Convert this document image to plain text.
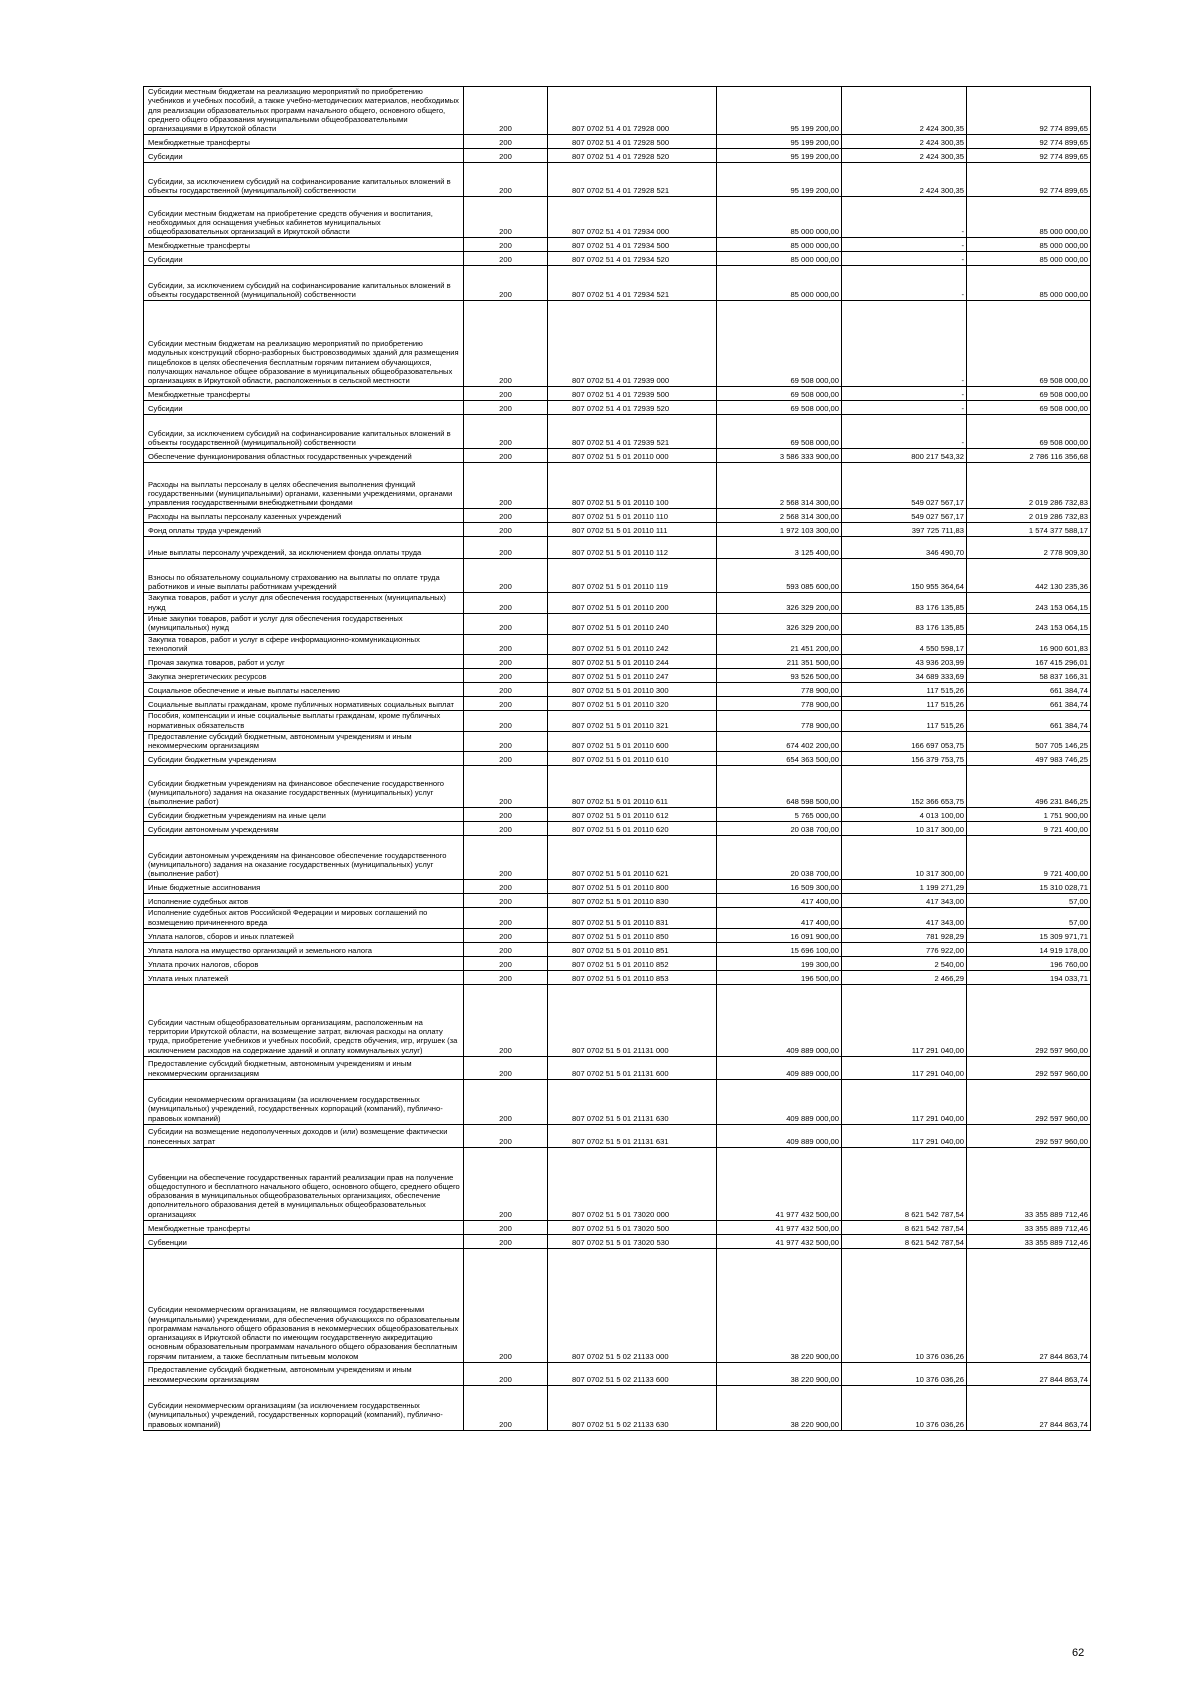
Субсидии местным бюджетам на реализацию мероприятий по приобретению учебников и учебных пособий, а также учебно-методических материалов, необходимых для реализации образовательных программ начального общего, основного общего, среднего общего образования муниципальными общеобразовательными организациями в Иркутской области	200	807 0702 51 4 01 72928 000	95 199 200,00	2 424 300,35	92 774 899,65
Межбюджетные трансферты	200	807 0702 51 4 01 72928 500	95 199 200,00	2 424 300,35	92 774 899,65
Субсидии	200	807 0702 51 4 01 72928 520	95 199 200,00	2 424 300,35	92 774 899,65
Субсидии, за исключением субсидий на софинансирование капитальных вложений в объекты государственной (муниципальной) собственности	200	807 0702 51 4 01 72928 521	95 199 200,00	2 424 300,35	92 774 899,65
Субсидии местным бюджетам на приобретение средств обучения и воспитания, необходимых для оснащения учебных кабинетов муниципальных общеобразовательных организаций в Иркутской области	200	807 0702 51 4 01 72934 000	85 000 000,00	-	85 000 000,00
Межбюджетные трансферты	200	807 0702 51 4 01 72934 500	85 000 000,00	-	85 000 000,00
Субсидии	200	807 0702 51 4 01 72934 520	85 000 000,00	-	85 000 000,00
Субсидии, за исключением субсидий на софинансирование капитальных вложений в объекты государственной (муниципальной) собственности	200	807 0702 51 4 01 72934 521	85 000 000,00	-	85 000 000,00
Субсидии местным бюджетам на реализацию мероприятий по приобретению модульных конструкций сборно-разборных быстровозводимых зданий для размещения пищеблоков в целях обеспечения бесплатным горячим питанием обучающихся, получающих начальное общее образование в муниципальных общеобразовательных организациях в Иркутской области, расположенных в сельской местности	200	807 0702 51 4 01 72939 000	69 508 000,00	-	69 508 000,00
Межбюджетные трансферты	200	807 0702 51 4 01 72939 500	69 508 000,00	-	69 508 000,00
Субсидии	200	807 0702 51 4 01 72939 520	69 508 000,00	-	69 508 000,00
Субсидии, за исключением субсидий на софинансирование капитальных вложений в объекты государственной (муниципальной) собственности	200	807 0702 51 4 01 72939 521	69 508 000,00	-	69 508 000,00
Обеспечение функционирования областных государственных учреждений	200	807 0702 51 5 01 20110 000	3 586 333 900,00	800 217 543,32	2 786 116 356,68
Расходы на выплаты персоналу в целях обеспечения выполнения функций государственными (муниципальными) органами, казенными учреждениями, органами управления государственными внебюджетными фондами	200	807 0702 51 5 01 20110 100	2 568 314 300,00	549 027 567,17	2 019 286 732,83
Расходы на выплаты персоналу казенных учреждений	200	807 0702 51 5 01 20110 110	2 568 314 300,00	549 027 567,17	2 019 286 732,83
Фонд оплаты труда учреждений	200	807 0702 51 5 01 20110 111	1 972 103 300,00	397 725 711,83	1 574 377 588,17
Иные выплаты персоналу учреждений, за исключением фонда оплаты труда	200	807 0702 51 5 01 20110 112	3 125 400,00	346 490,70	2 778 909,30
Взносы по обязательному социальному страхованию на выплаты по оплате труда работников и иные выплаты работникам учреждений	200	807 0702 51 5 01 20110 119	593 085 600,00	150 955 364,64	442 130 235,36
Закупка товаров, работ и услуг для обеспечения государственных (муниципальных) нужд	200	807 0702 51 5 01 20110 200	326 329 200,00	83 176 135,85	243 153 064,15
Иные закупки товаров, работ и услуг для обеспечения государственных (муниципальных) нужд	200	807 0702 51 5 01 20110 240	326 329 200,00	83 176 135,85	243 153 064,15
Закупка товаров, работ и услуг в сфере информационно-коммуникационных технологий	200	807 0702 51 5 01 20110 242	21 451 200,00	4 550 598,17	16 900 601,83
Прочая закупка товаров, работ и услуг	200	807 0702 51 5 01 20110 244	211 351 500,00	43 936 203,99	167 415 296,01
Закупка энергетических ресурсов	200	807 0702 51 5 01 20110 247	93 526 500,00	34 689 333,69	58 837 166,31
Социальное обеспечение и иные выплаты населению	200	807 0702 51 5 01 20110 300	778 900,00	117 515,26	661 384,74
Социальные выплаты гражданам, кроме публичных нормативных социальных выплат	200	807 0702 51 5 01 20110 320	778 900,00	117 515,26	661 384,74
Пособия, компенсации и иные социальные выплаты гражданам, кроме публичных нормативных обязательств	200	807 0702 51 5 01 20110 321	778 900,00	117 515,26	661 384,74
Предоставление субсидий бюджетным, автономным учреждениям и иным некоммерческим организациям	200	807 0702 51 5 01 20110 600	674 402 200,00	166 697 053,75	507 705 146,25
Субсидии бюджетным учреждениям	200	807 0702 51 5 01 20110 610	654 363 500,00	156 379 753,75	497 983 746,25
Субсидии бюджетным учреждениям на финансовое обеспечение государственного (муниципального) задания на оказание государственных (муниципальных) услуг (выполнение работ)	200	807 0702 51 5 01 20110 611	648 598 500,00	152 366 653,75	496 231 846,25
Субсидии бюджетным учреждениям на иные цели	200	807 0702 51 5 01 20110 612	5 765 000,00	4 013 100,00	1 751 900,00
Субсидии автономным учреждениям	200	807 0702 51 5 01 20110 620	20 038 700,00	10 317 300,00	9 721 400,00
Субсидии автономным учреждениям на финансовое обеспечение государственного (муниципального) задания на оказание государственных (муниципальных) услуг (выполнение работ)	200	807 0702 51 5 01 20110 621	20 038 700,00	10 317 300,00	9 721 400,00
Иные бюджетные ассигнования	200	807 0702 51 5 01 20110 800	16 509 300,00	1 199 271,29	15 310 028,71
Исполнение судебных актов	200	807 0702 51 5 01 20110 830	417 400,00	417 343,00	57,00
Исполнение судебных актов Российской Федерации и мировых соглашений по возмещению причиненного вреда	200	807 0702 51 5 01 20110 831	417 400,00	417 343,00	57,00
Уплата налогов, сборов и иных платежей	200	807 0702 51 5 01 20110 850	16 091 900,00	781 928,29	15 309 971,71
Уплата налога на имущество организаций и земельного налога	200	807 0702 51 5 01 20110 851	15 696 100,00	776 922,00	14 919 178,00
Уплата прочих налогов, сборов	200	807 0702 51 5 01 20110 852	199 300,00	2 540,00	196 760,00
Уплата иных платежей	200	807 0702 51 5 01 20110 853	196 500,00	2 466,29	194 033,71
Субсидии частным общеобразовательным организациям, расположенным на территории Иркутской области, на возмещение затрат, включая расходы на оплату труда, приобретение учебников и учебных пособий, средств обучения, игр, игрушек (за исключением расходов на содержание зданий и оплату коммунальных услуг)	200	807 0702 51 5 01 21131 000	409 889 000,00	117 291 040,00	292 597 960,00
Предоставление субсидий бюджетным, автономным учреждениям и иным некоммерческим организациям	200	807 0702 51 5 01 21131 600	409 889 000,00	117 291 040,00	292 597 960,00
Субсидии некоммерческим организациям (за исключением государственных (муниципальных) учреждений, государственных корпораций (компаний), публично-правовых компаний)	200	807 0702 51 5 01 21131 630	409 889 000,00	117 291 040,00	292 597 960,00
Субсидии на возмещение недополученных доходов и (или) возмещение фактически понесенных затрат	200	807 0702 51 5 01 21131 631	409 889 000,00	117 291 040,00	292 597 960,00
Субвенции на обеспечение государственных гарантий реализации прав на получение общедоступного и бесплатного начального общего, основного общего, среднего общего образования в муниципальных общеобразовательных организациях, обеспечение дополнительного образования детей в муниципальных общеобразовательных организациях	200	807 0702 51 5 01 73020 000	41 977 432 500,00	8 621 542 787,54	33 355 889 712,46
Межбюджетные трансферты	200	807 0702 51 5 01 73020 500	41 977 432 500,00	8 621 542 787,54	33 355 889 712,46
Субвенции	200	807 0702 51 5 01 73020 530	41 977 432 500,00	8 621 542 787,54	33 355 889 712,46
Субсидии некоммерческим организациям, не являющимся государственными (муниципальными) учреждениями, для обеспечения обучающихся по образовательным программам начального общего образования в некоммерческих общеобразовательных организациях в Иркутской области по имеющим государственную аккредитацию основным образовательным программам начального общего образования бесплатным горячим питанием, а также бесплатным питьевым молоком	200	807 0702 51 5 02 21133 000	38 220 900,00	10 376 036,26	27 844 863,74
Предоставление субсидий бюджетным, автономным учреждениям и иным некоммерческим организациям	200	807 0702 51 5 02 21133 600	38 220 900,00	10 376 036,26	27 844 863,74
Субсидии некоммерческим организациям (за исключением государственных (муниципальных) учреждений, государственных корпораций (компаний), публично-правовых компаний)	200	807 0702 51 5 02 21133 630	38 220 900,00	10 376 036,26	27 844 863,74
62
